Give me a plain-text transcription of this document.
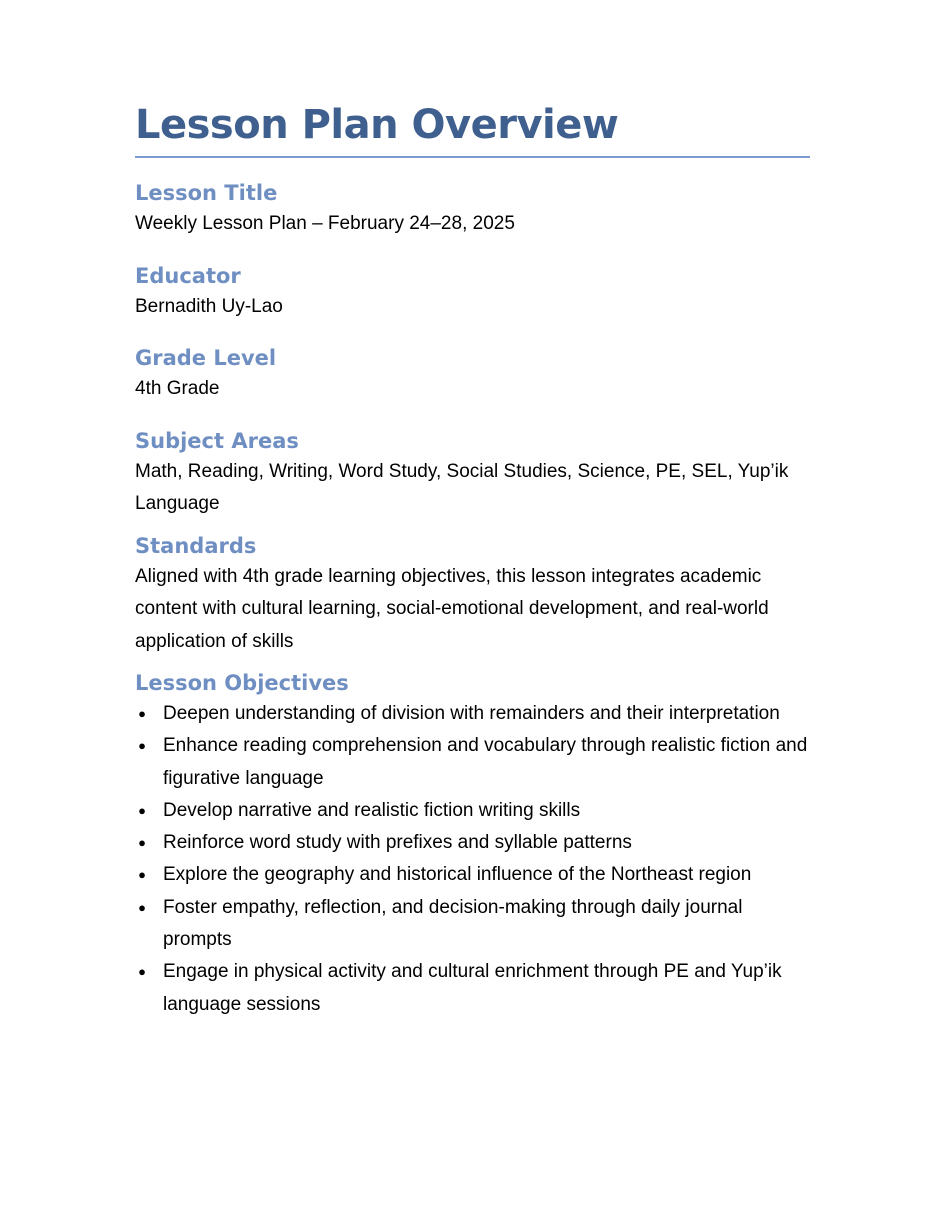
Lesson Plan Overview
Lesson Title

Weekly Lesson Plan – February 24–28, 2025

Educator

Bernadith Uy-Lao

Grade Level

4th Grade

Subject Areas

Math, Reading, Writing, Word Study, Social Studies, Science, PE, SEL, Yup’ik Language

Standards

Aligned with 4th grade learning objectives, this lesson integrates academic content with cultural learning, social-emotional development, and real-world application of skills

Lesson Objectives
● Deepen understanding of division with remainders and their interpretation
● Enhance reading comprehension and vocabulary through realistic fiction and figurative language
● Develop narrative and realistic fiction writing skills
● Reinforce word study with prefixes and syllable patterns
● Explore the geography and historical influence of the Northeast region
● Foster empathy, reflection, and decision-making through daily journal prompts
● Engage in physical activity and cultural enrichment through PE and Yup’ik language sessions
